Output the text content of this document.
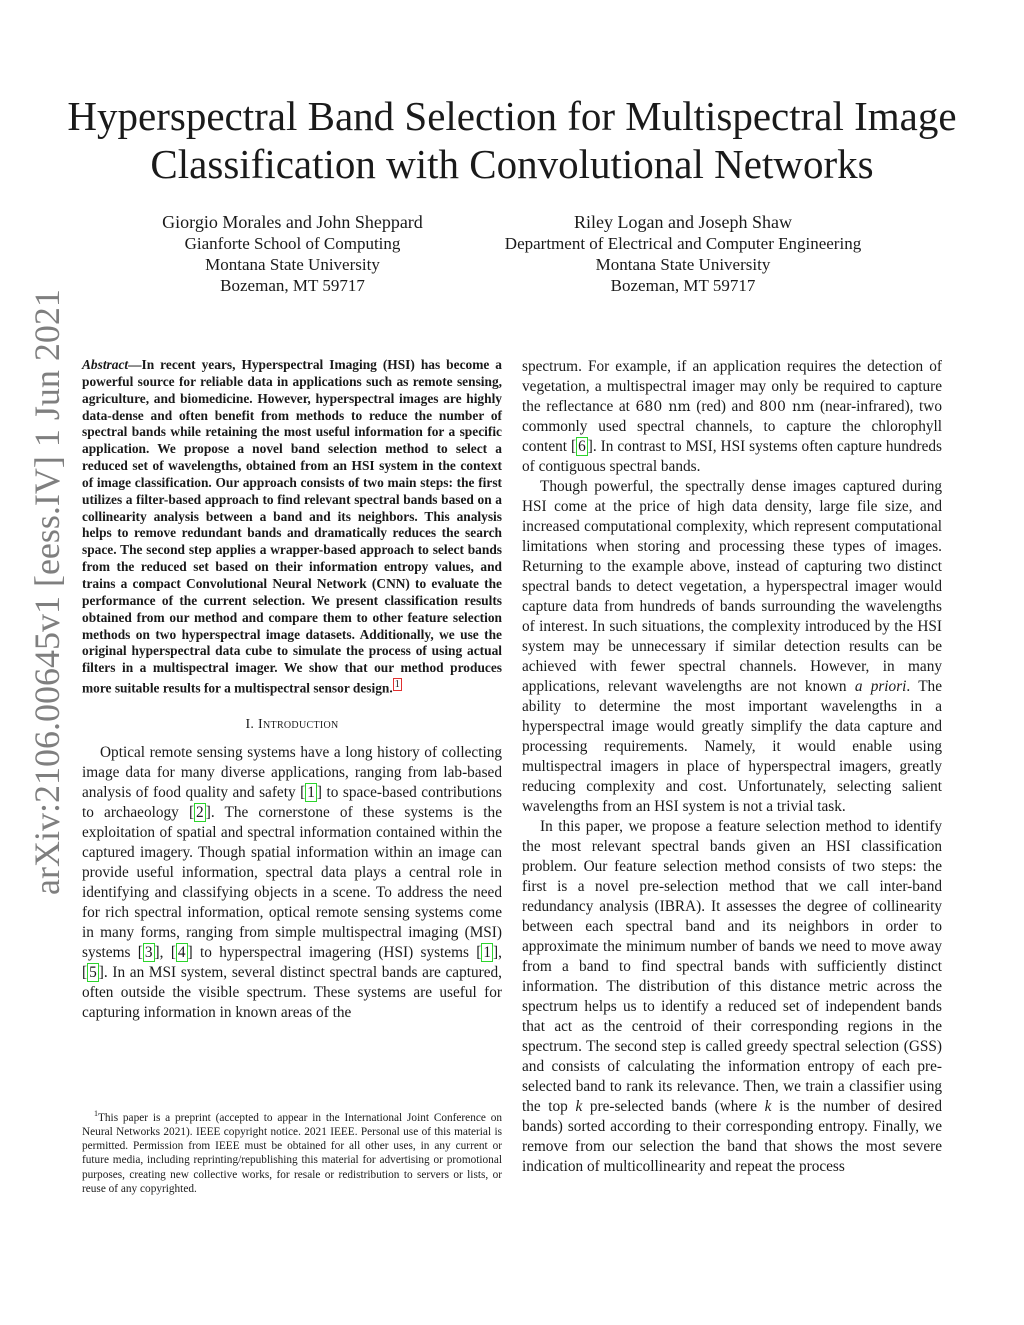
Hyperspectral Band Selection for Multispectral Image Classification with Convolutional Networks
Giorgio Morales and John Sheppard
Gianforte School of Computing
Montana State University
Bozeman, MT 59717
Riley Logan and Joseph Shaw
Department of Electrical and Computer Engineering
Montana State University
Bozeman, MT 59717
arXiv:2106.00645v1 [eess.IV] 1 Jun 2021 Abstract—In recent years, Hyperspectral Imaging (HSI) has become a powerful source for reliable data in applications such as remote sensing, agriculture, and biomedicine. However, hyperspectral images are highly data-dense and often benefit from methods to reduce the number of spectral bands while retaining the most useful information for a specific application. We propose a novel band selection method to select a reduced set of wavelengths, obtained from an HSI system in the context of image classification. Our approach consists of two main steps: the first utilizes a filter-based approach to find relevant spectral bands based on a collinearity analysis between a band and its neighbors. This analysis helps to remove redundant bands and dramatically reduces the search space. The second step applies a wrapper-based approach to select bands from the reduced set based on their information entropy values, and trains a compact Convolutional Neural Network (CNN) to evaluate the performance of the current selection. We present classification results obtained from our method and compare them to other feature selection methods on two hyperspectral image datasets. Additionally, we use the original hyperspectral data cube to simulate the process of using actual filters in a multispectral imager. We show that our method produces more suitable results for a multispectral sensor design. $^1$

I. Introduction

Optical remote sensing systems have a long history of collecting image data for many diverse applications, ranging from lab-based analysis of food quality and safety [ 1 ] to space-based contributions to archaeology [ 2 ]. The cornerstone of these systems is the exploitation of spatial and spectral information contained within the captured imagery. Though spatial information within an image can provide useful information, spectral data plays a central role in identifying and classifying objects in a scene. To address the need for rich spectral information, optical remote sensing systems come in many forms, ranging from simple multispectral imaging (MSI) systems [ 3 ], [ 4 ] to hyperspectral imagering (HSI) systems [ 1 ], [ 5 ]. In an MSI system, several distinct spectral bands are captured, often outside the visible spectrum. These systems are useful for capturing information in known areas of the

$^1$This paper is a preprint (accepted to appear in the International Joint Conference on Neural Networks 2021). IEEE copyright notice. 2021 IEEE. Personal use of this material is permitted. Permission from IEEE must be obtained for all other uses, in any current or future media, including reprinting/republishing this material for advertising or promotional purposes, creating new collective works, for resale or redistribution to servers or lists, or reuse of any copyrighted.

spectrum. For example, if an application requires the detection of vegetation, a multispectral imager may only be required to capture the reflectance at 680 nm (red) and 800 nm (near-infrared), two commonly used spectral channels, to capture the chlorophyll content [ 6 ]. In contrast to MSI, HSI systems often capture hundreds of contiguous spectral bands.

Though powerful, the spectrally dense images captured during HSI come at the price of high data density, large file size, and increased computational complexity, which represent computational limitations when storing and processing these types of images. Returning to the example above, instead of capturing two distinct spectral bands to detect vegetation, a hyperspectral imager would capture data from hundreds of bands surrounding the wavelengths of interest. In such situations, the complexity introduced by the HSI system may be unnecessary if similar detection results can be achieved with fewer spectral channels. However, in many applications, relevant wavelengths are not known a priori. The ability to determine the most important wavelengths in a hyperspectral image would greatly simplify the data capture and processing requirements. Namely, it would enable using multispectral imagers in place of hyperspectral imagers, greatly reducing complexity and cost. Unfortunately, selecting salient wavelengths from an HSI system is not a trivial task.

In this paper, we propose a feature selection method to identify the most relevant spectral bands given an HSI classification problem. Our feature selection method consists of two steps: the first is a novel pre-selection method that we call inter-band redundancy analysis (IBRA). It assesses the degree of collinearity between each spectral band and its neighbors in order to approximate the minimum number of bands we need to move away from a band to find spectral bands with sufficiently distinct information. The distribution of this distance metric across the spectrum helps us to identify a reduced set of independent bands that act as the centroid of their corresponding regions in the spectrum. The second step is called greedy spectral selection (GSS) and consists of calculating the information entropy of each pre-selected band to rank its relevance. Then, we train a classifier using the top k pre-selected bands (where k is the number of desired bands) sorted according to their corresponding entropy. Finally, we remove from our selection the band that shows the most severe indication of multicollinearity and repeat the process
